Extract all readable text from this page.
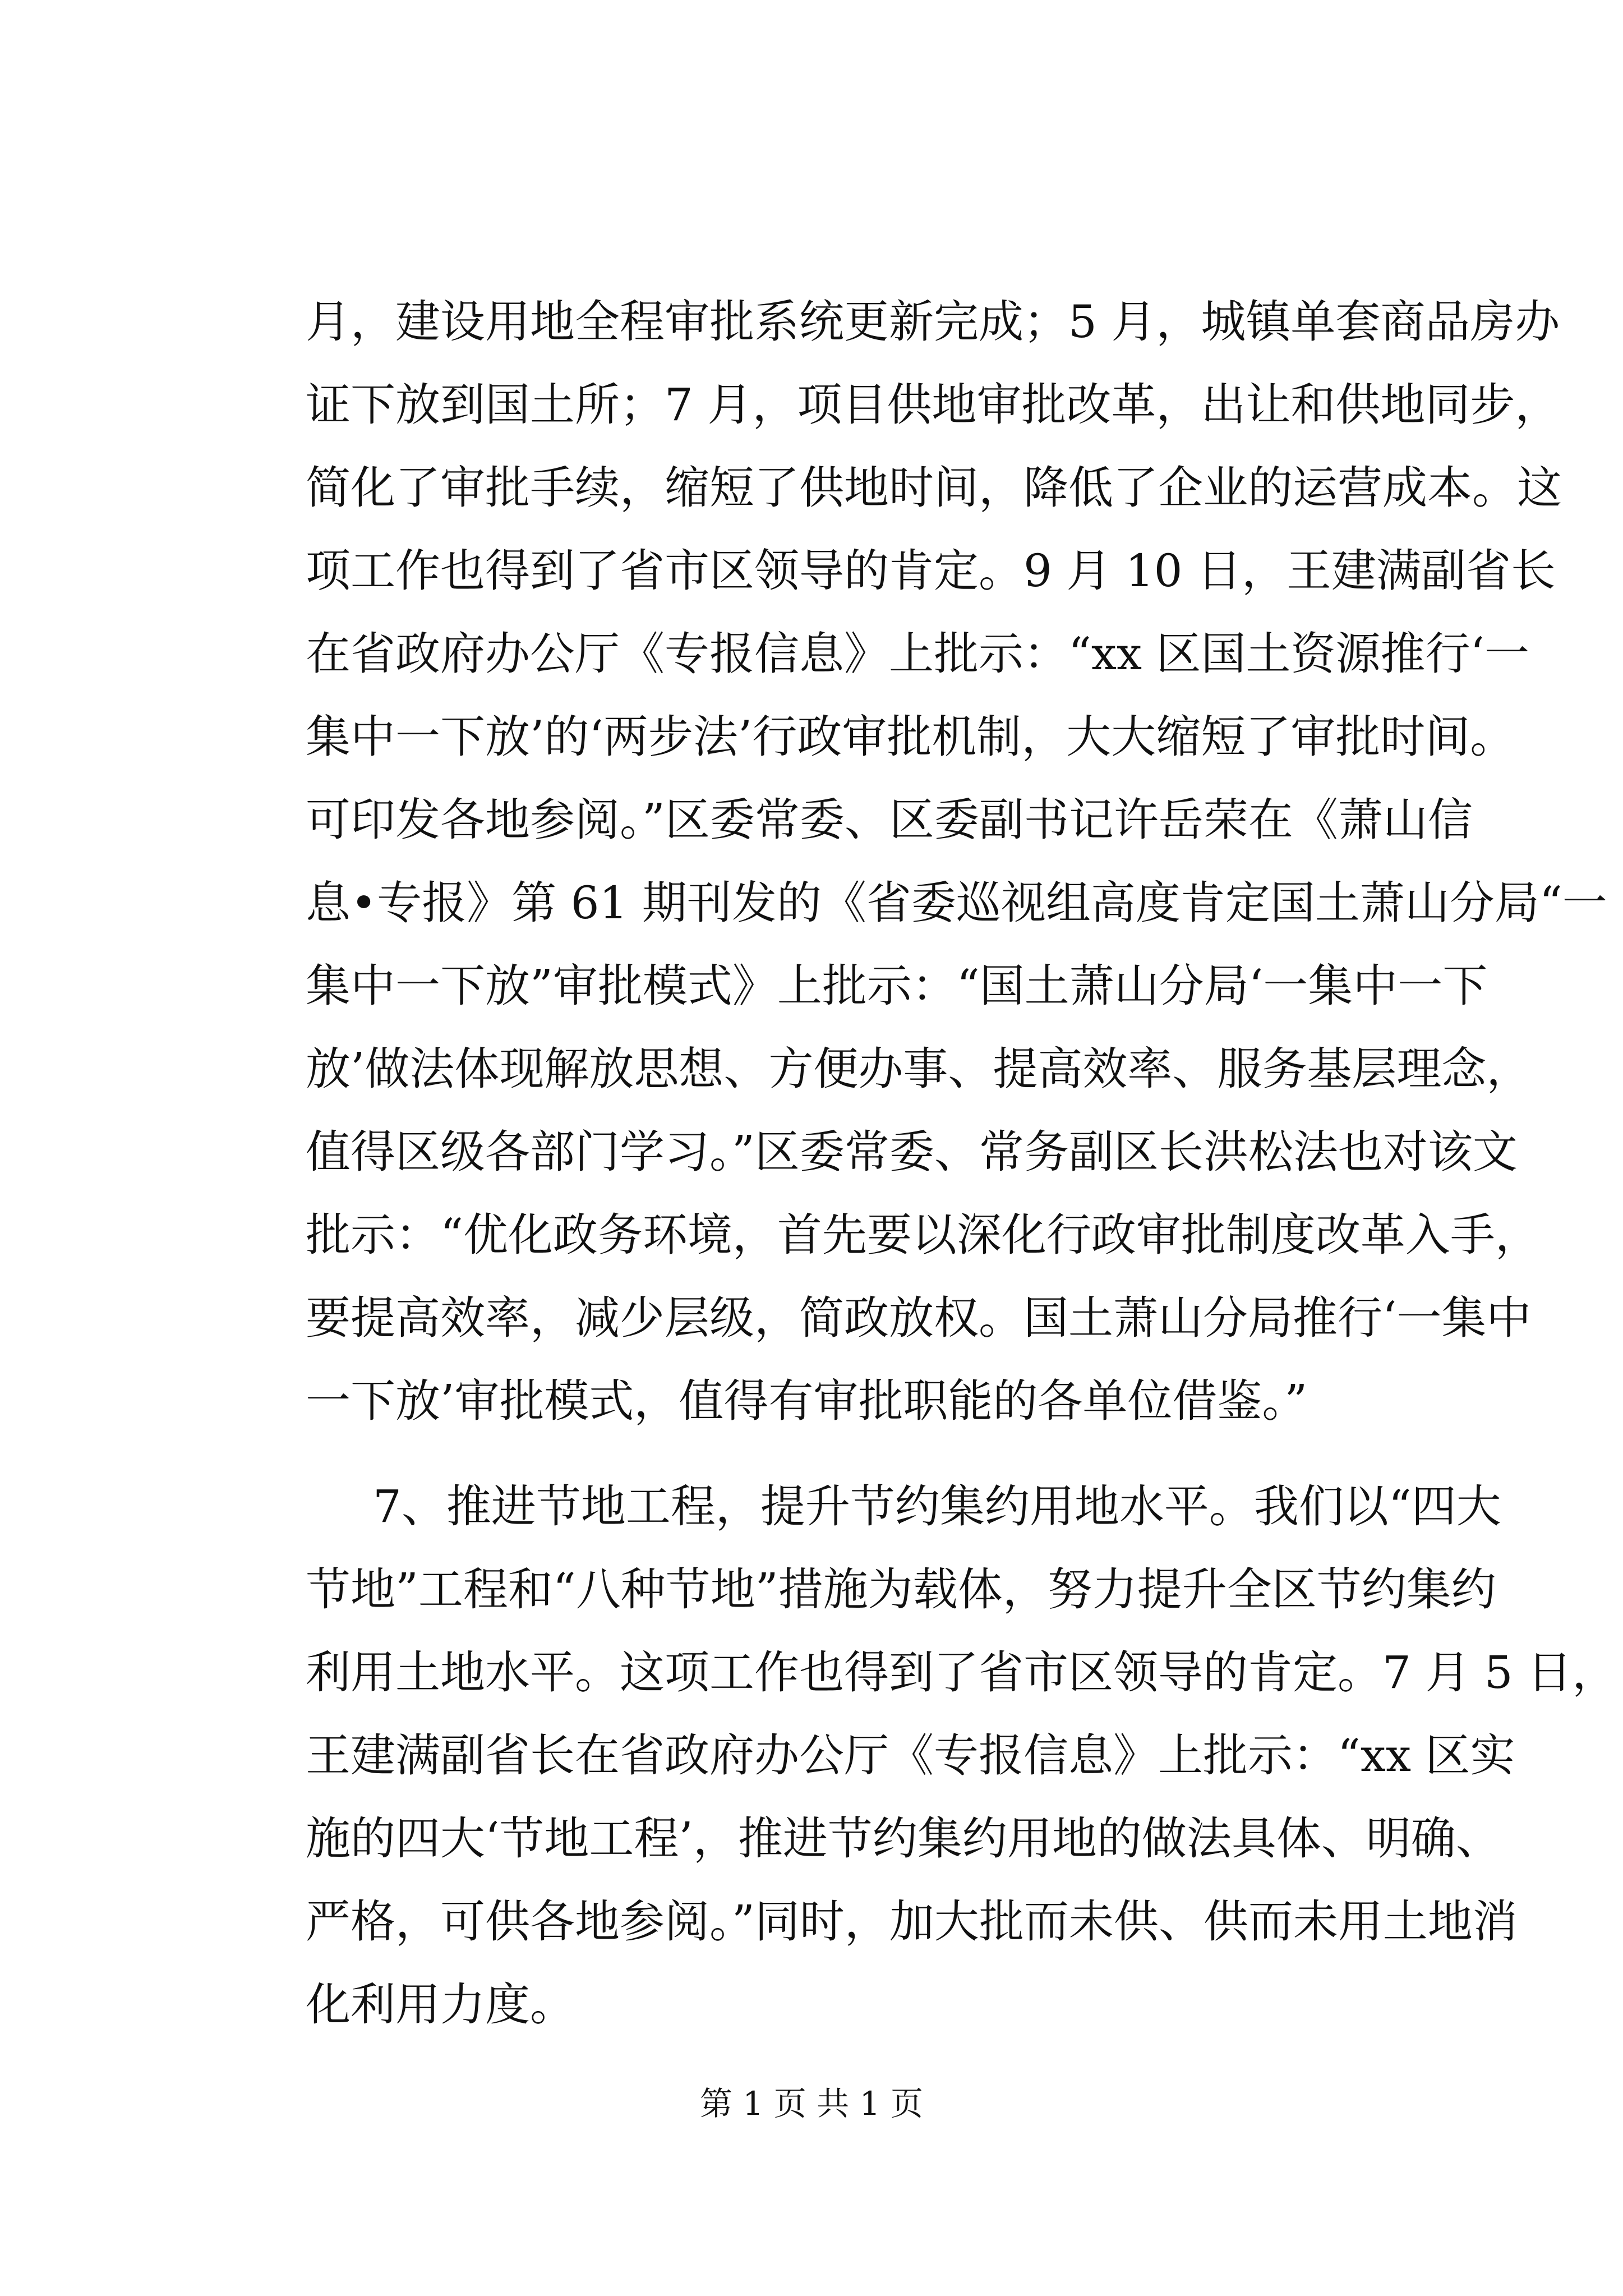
月，建设用地全程审批系统更新完成；5 月，城镇单套商品房办
证下放到国土所；7 月，项目供地审批改革，出让和供地同步，
简化了审批手续，缩短了供地时间，降低了企业的运营成本。这
项工作也得到了省市区领导的肯定。9 月 10 日，王建满副省长
在省政府办公厅《专报信息》上批示：“xx 区国土资源推行‘一
集中一下放’的‘两步法’行政审批机制，大大缩短了审批时间。
可印发各地参阅。”区委常委、区委副书记许岳荣在《萧山信
息•专报》第 61 期刊发的《省委巡视组高度肯定国土萧山分局“一
集中一下放”审批模式》上批示：“国土萧山分局‘一集中一下
放’做法体现解放思想、方便办事、提高效率、服务基层理念，
值得区级各部门学习。”区委常委、常务副区长洪松法也对该文
批示：“优化政务环境，首先要以深化行政审批制度改革入手，
要提高效率，减少层级，简政放权。国土萧山分局推行‘一集中
一下放’审批模式，值得有审批职能的各单位借鉴。”
7、推进节地工程，提升节约集约用地水平。我们以“四大
节地”工程和“八种节地”措施为载体，努力提升全区节约集约
利用土地水平。这项工作也得到了省市区领导的肯定。7 月 5 日，
王建满副省长在省政府办公厅《专报信息》上批示：“xx 区实
施的四大‘节地工程’，推进节约集约用地的做法具体、明确、
严格，可供各地参阅。”同时，加大批而未供、供而未用土地消
化利用力度。
第 1 页 共 1 页
